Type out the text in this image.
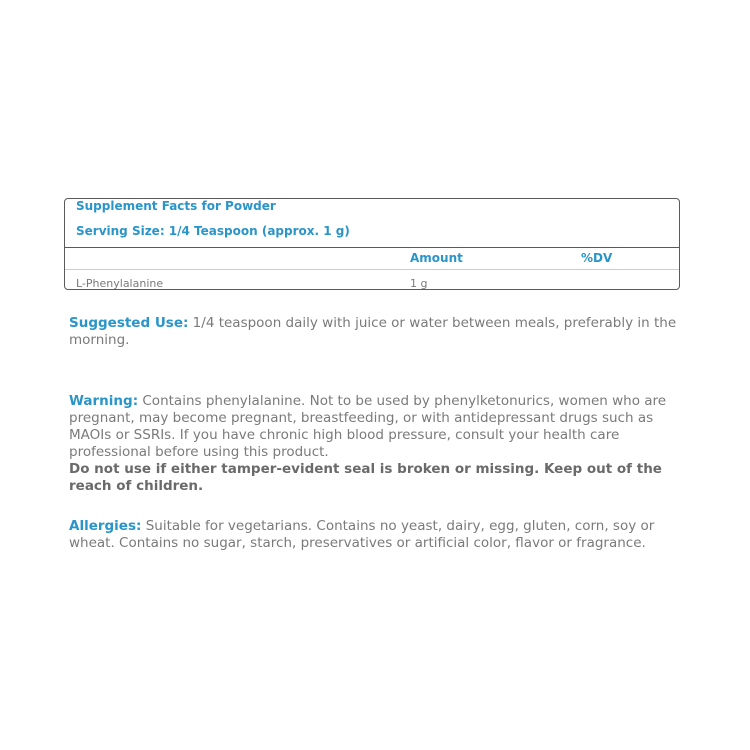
Supplement Facts for Powder
Serving Size: 1/4 Teaspoon (approx. 1 g)
Amount	%DV
L-Phenylalanine	1 g
Suggested Use: 1/4 teaspoon daily with juice or water between meals, preferably in the morning.
Warning: Contains phenylalanine. Not to be used by phenylketonurics, women who are pregnant, may become pregnant, breastfeeding, or with antidepressant drugs such as MAOIs or SSRIs. If you have chronic high blood pressure, consult your health care professional before using this product.
Do not use if either tamper-evident seal is broken or missing. Keep out of the reach of children.
Allergies: Suitable for vegetarians. Contains no yeast, dairy, egg, gluten, corn, soy or wheat. Contains no sugar, starch, preservatives or artificial color, flavor or fragrance.
